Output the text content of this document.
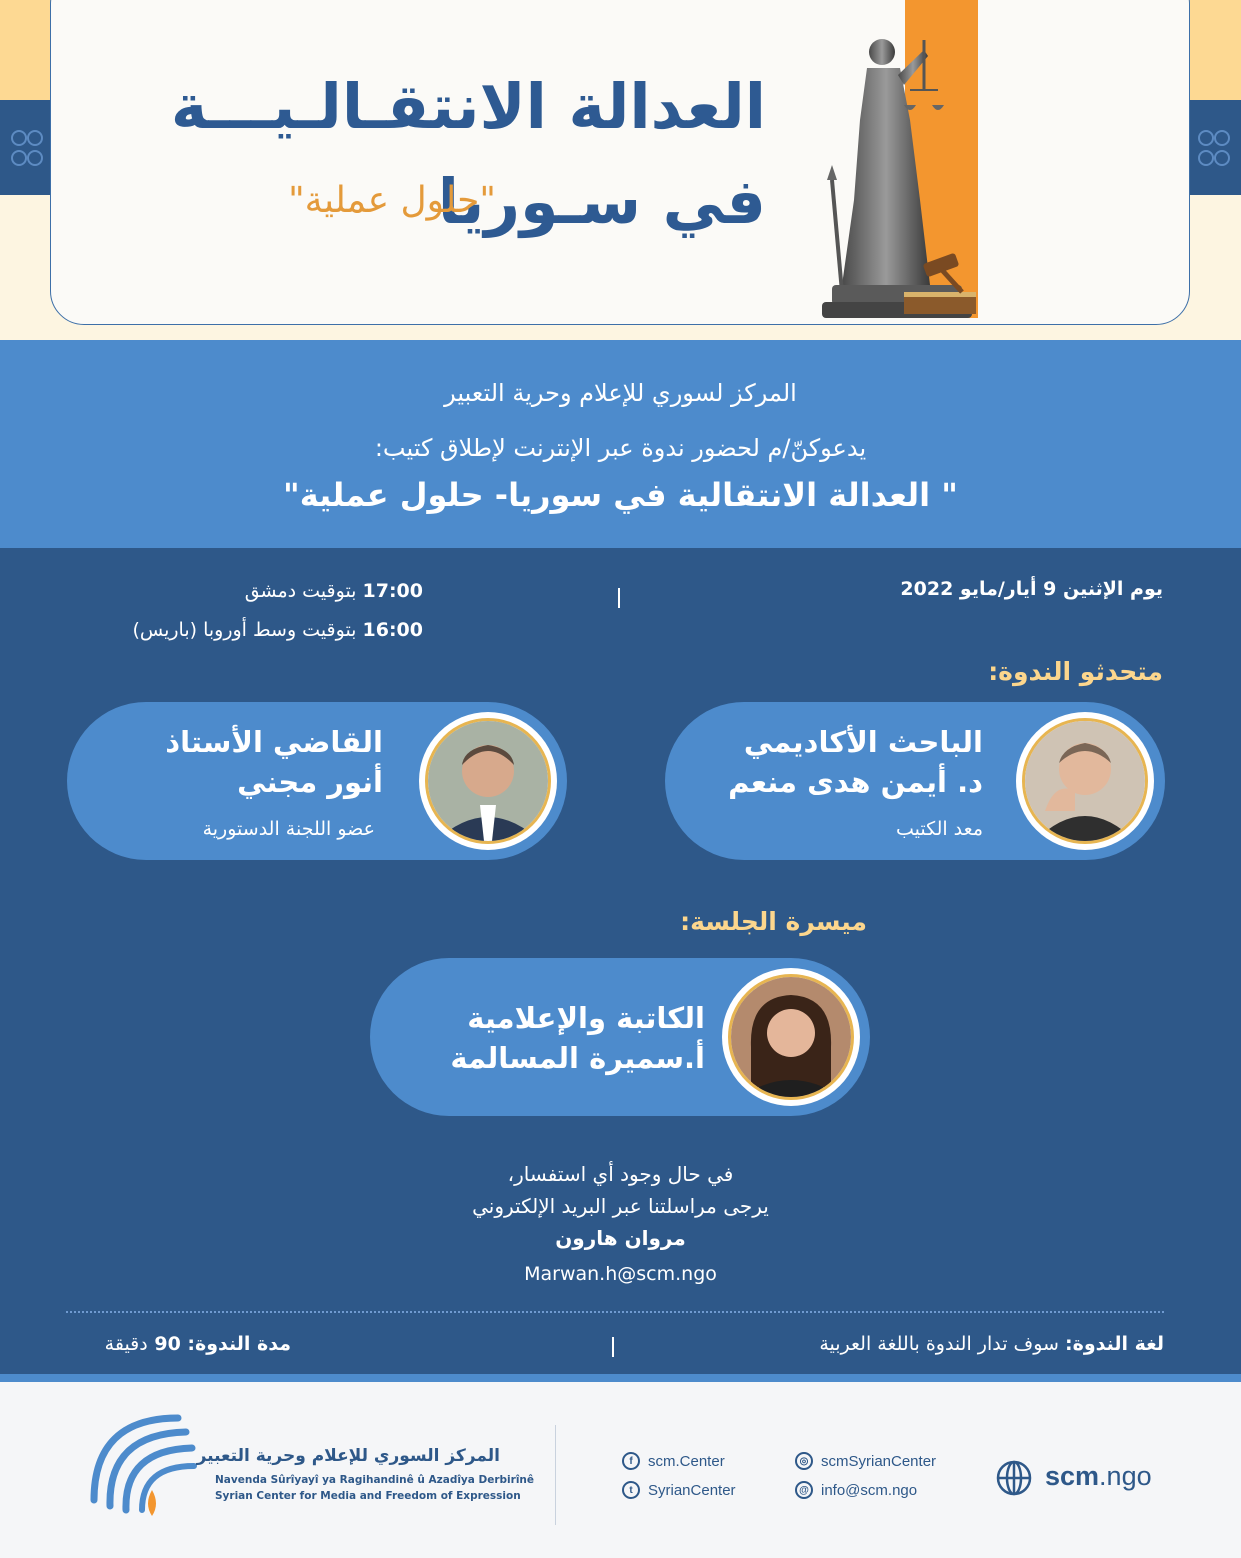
العدالة الانتقـالـيـــة
في سـوريا
"حلول عملية"
المركز لسوري للإعلام وحرية التعبير
يدعوكنّ/م لحضور ندوة عبر الإنترنت لإطلاق كتيب:
" العدالة الانتقالية في سوريا- حلول عملية"
يوم الإثنين 9 أيار/مايو 2022
17:00 بتوقيت دمشق
16:00 بتوقيت وسط أوروبا (باريس)
متحدثو الندوة:
الباحث الأكاديمي
د. أيمن هدى منعم
معد الكتيب
القاضي الأستاذ
أنور مجني
عضو اللجنة الدستورية
ميسرة الجلسة:
الكاتبة والإعلامية
أ.سميرة المسالمة
في حال وجود أي استفسار،
يرجى مراسلتنا عبر البريد الإلكتروني
مروان هارون
Marwan.h@scm.ngo
لغة الندوة: سوف تدار الندوة باللغة العربية
مدة الندوة: 90 دقيقة
المركز السوري للإعلام وحرية التعبير
Navenda Sûrîyayî ya Ragihandinê û Azadîya Derbirînê
Syrian Center for Media and Freedom of Expression
f	scm.Center
t	SyrianCenter
◎ scmSyrianCenter
@ info@scm.ngo	scm.ngo
